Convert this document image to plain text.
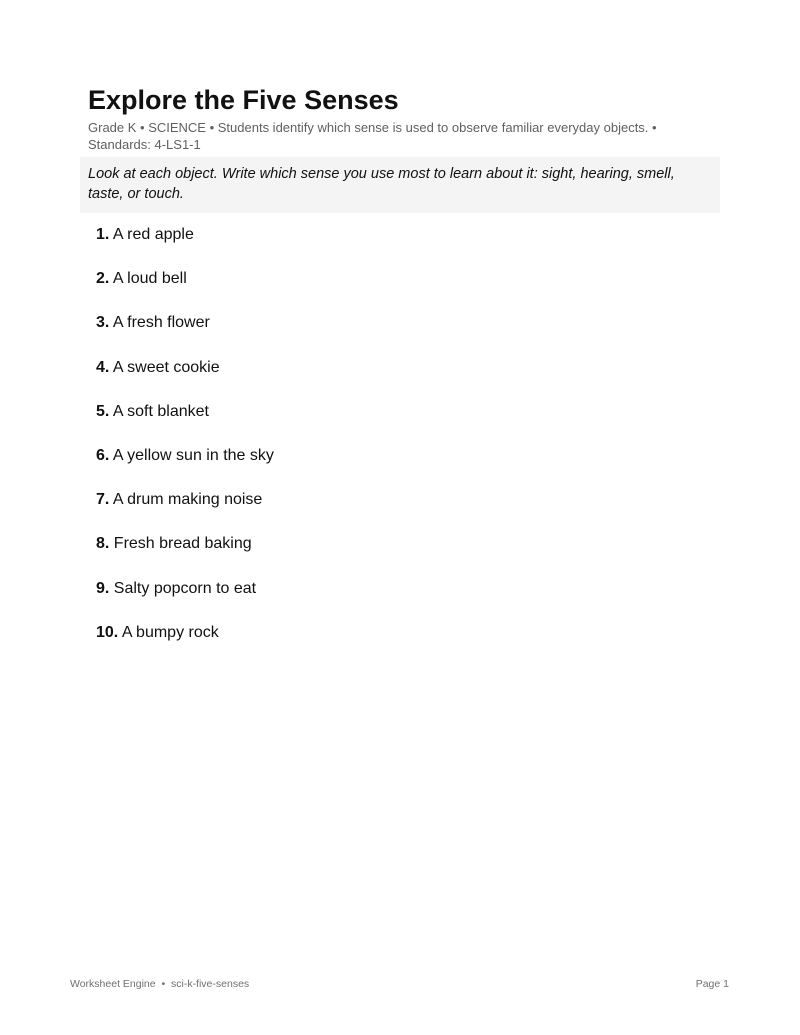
Explore the Five Senses
Grade K • SCIENCE • Students identify which sense is used to observe familiar everyday objects. • Standards: 4-LS1-1
Look at each object. Write which sense you use most to learn about it: sight, hearing, smell, taste, or touch.
1. A red apple
2. A loud bell
3. A fresh flower
4. A sweet cookie
5. A soft blanket
6. A yellow sun in the sky
7. A drum making noise
8. Fresh bread baking
9. Salty popcorn to eat
10. A bumpy rock
Worksheet Engine • sci-k-five-senses	Page 1
